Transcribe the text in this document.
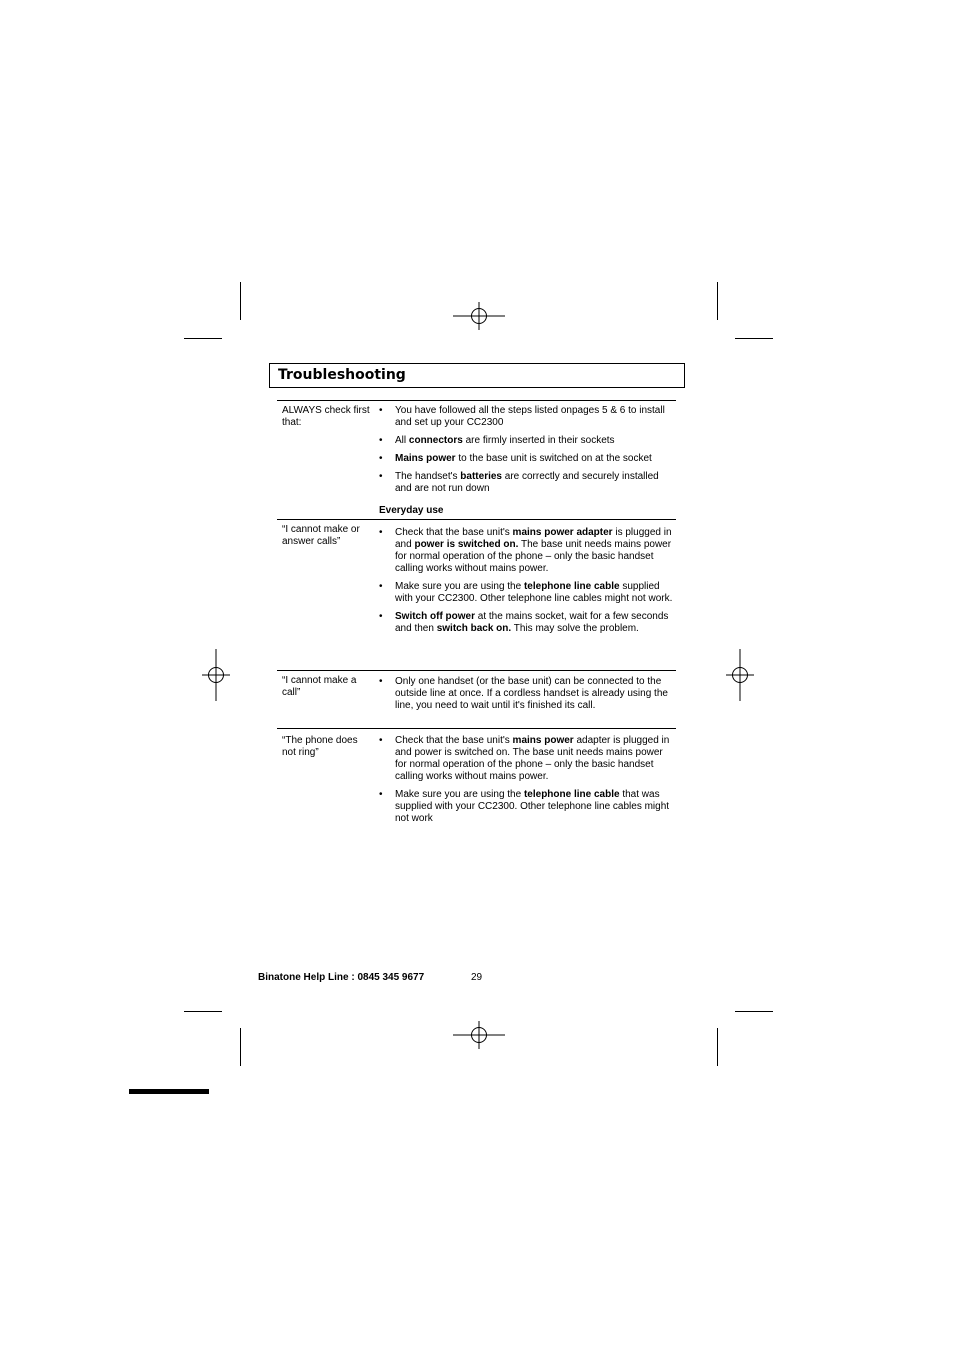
Troubleshooting
ALWAYS check first that:
• You have followed all the steps listed onpages 5 & 6 to install and set up your CC2300
• All connectors are firmly inserted in their sockets
• Mains power to the base unit is switched on at the socket
• The handset's batteries are correctly and securely installed and are not run down
Everyday use
“I cannot make or answer calls”
• Check that the base unit's mains power adapter is plugged in and power is switched on. The base unit needs mains power for normal operation of the phone – only the basic handset calling works without mains power.
• Make sure you are using the telephone line cable supplied with your CC2300. Other telephone line cables might not work.
• Switch off power at the mains socket, wait for a few seconds and then switch back on. This may solve the problem.
“I cannot make a call”
• Only one handset (or the base unit) can be connected to the outside line at once. If a cordless handset is already using the line, you need to wait until it's finished its call.
“The phone does not ring”
• Check that the base unit's mains power adapter is plugged in and power is switched on. The base unit needs mains power for normal operation of the phone – only the basic handset calling works without mains power.
• Make sure you are using the telephone line cable that was supplied with your CC2300. Other telephone line cables might not work
Binatone Help Line : 0845 345 9677	29
